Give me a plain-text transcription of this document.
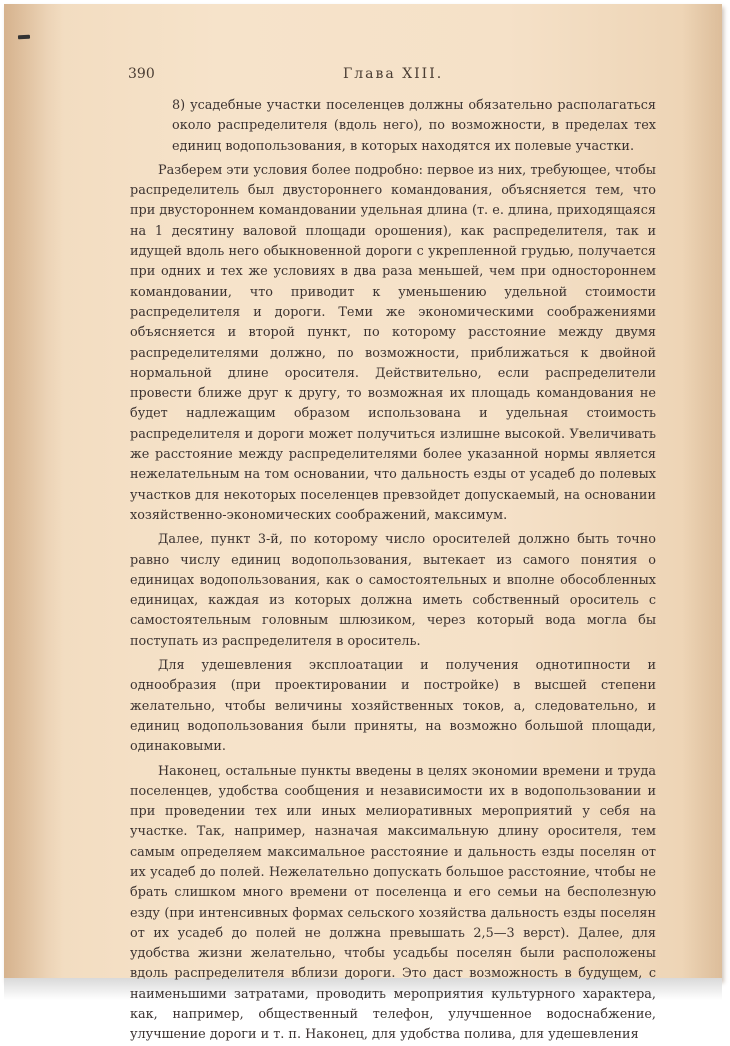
390	Глава XIII.

8) усадебные участки поселенцев должны обязательно располагаться около распределителя (вдоль него), по возможности, в пределах тех единиц водопользования, в которых находятся их полевые участки.

Разберем эти условия более подробно: первое из них, требующее, чтобы распределитель был двустороннего командования, объясняется тем, что при двустороннем командовании удельная длина (т. е. длина, приходящаяся на 1 десятину валовой площади орошения), как распределителя, так и идущей вдоль него обыкновенной дороги с укрепленной грудью, получается при одних и тех же условиях в два раза меньшей, чем при одностороннем командовании, что приводит к уменьшению удельной стоимости распределителя и дороги. Теми же экономическими соображениями объясняется и второй пункт, по которому расстояние между двумя распределителями должно, по возможности, приближаться к двойной нормальной длине оросителя. Действительно, если распределители провести ближе друг к другу, то возможная их площадь командования не будет надлежащим образом использована и удельная стоимость распределителя и дороги может получиться излишне высокой. Увеличивать же расстояние между распределителями более указанной нормы является нежелательным на том основании, что дальность езды от усадеб до полевых участков для некоторых поселенцев превзойдет допускаемый, на основании хозяйственно-экономических соображений, максимум.

Далее, пункт 3-й, по которому число оросителей должно быть точно равно числу единиц водопользования, вытекает из самого понятия о единицах водопользования, как о самостоятельных и вполне обособленных единицах, каждая из которых должна иметь собственный ороситель с самостоятельным головным шлюзиком, через который вода могла бы поступать из распределителя в ороситель.

Для удешевления эксплоатации и получения однотипности и однообразия (при проектировании и постройке) в высшей степени желательно, чтобы величины хозяйственных токов, а, следовательно, и единиц водопользования были приняты, на возможно большой площади, одинаковыми.

Наконец, остальные пункты введены в целях экономии времени и труда поселенцев, удобства сообщения и независимости их в водопользовании и при проведении тех или иных мелиоративных мероприятий у себя на участке. Так, например, назначая максимальную длину оросителя, тем самым определяем максимальное расстояние и дальность езды поселян от их усадеб до полей. Нежелательно допускать большое расстояние, чтобы не брать слишком много времени от поселенца и его семьи на бесполезную езду (при интенсивных формах сельского хозяйства дальность езды поселян от их усадеб до полей не должна превышать 2,5—3 верст). Далее, для удобства жизни желательно, чтобы усадьбы поселян были расположены вдоль распределителя вблизи дороги. Это даст возможность в будущем, с наименьшими затратами, проводить мероприятия культурного характера, как, например, общественный телефон, улучшенное водоснабжение, улучшение дороги и т. п. Наконец, для удобства полива, для удешевления
